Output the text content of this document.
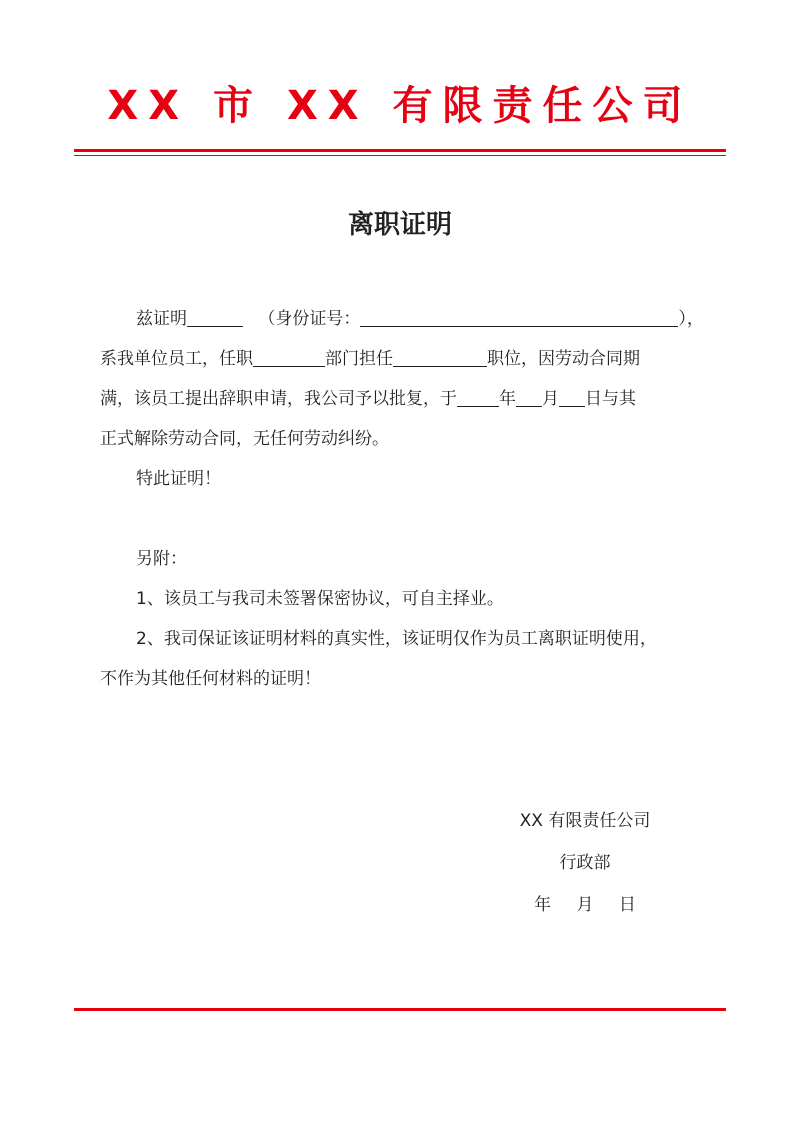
XX 市 XX 有限责任公司
离职证明
兹证明	（身份证号：	），
系我单位员工，任职	部门担任	职位，因劳动合同期
满，该员工提出辞职申请，我公司予以批复，于 年 月 日与其
正式解除劳动合同，无任何劳动纠纷。
特此证明！
另附：
1、该员工与我司未签署保密协议，可自主择业。
2、我司保证该证明材料的真实性，该证明仅作为员工离职证明使用，
不作为其他任何材料的证明！
XX 有限责任公司
行政部
年 月 日
